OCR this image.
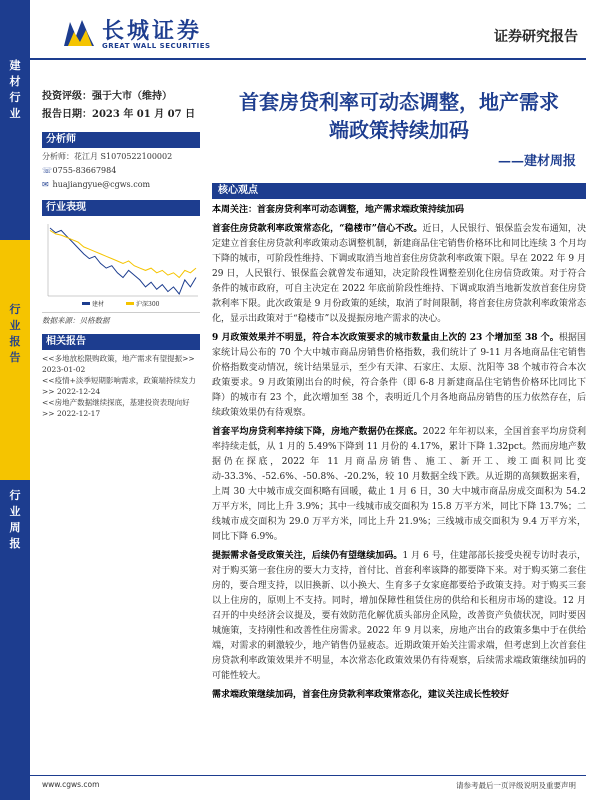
建
材
行
业
行
业
报
告
行
业
周
报
长城证券
GREAT WALL SECURITIES
证券研究报告
投资评级：强于大市（维持）
报告日期：2023 年 01 月 07 日
分析师
分析师：花江月 S1070522100002
☏ 0755-83667984
✉ huajiangyue@cgws.com
行业表现
建材	沪深300
数据来源：贝格数据
相关报告
<<多地放松限购政策，地产需求有望提振>> 2023-01-02
<<疫情+淡季短期影响需求，政策端持续发力>> 2022-12-24
<<房地产数据继续探底，基建投资表现向好>> 2022-12-17
首套房贷利率可动态调整，地产需求
端政策持续加码
——建材周报
核心观点
本周关注：首套房贷利率可动态调整，地产需求端政策持续加码
首套住房贷款利率政策常态化，“稳楼市”信心不改。近日，人民银行、银保监会发布通知，决定建立首套住房贷款利率政策动态调整机制，新建商品住宅销售价格环比和同比连续 3 个月均下降的城市，可阶段性维持、下调或取消当地首套住房贷款利率政策下限。早在 2022 年 9 月 29 日，人民银行、银保监会就曾发布通知，决定阶段性调整差别化住房信贷政策。对于符合条件的城市政府，可自主决定在 2022 年底前阶段性维持、下调或取消当地新发放首套住房贷款利率下限。此次政策是 9 月份政策的延续，取消了时间限制，将首套住房贷款利率政策常态化，显示出政策对于“稳楼市”以及提振房地产需求的决心。
9 月政策效果并不明显，符合本次政策要求的城市数量由上次的 23 个增加至 38 个。根据国家统计局公布的 70 个大中城市商品房销售价格指数，我们统计了 9-11 月各地商品住宅销售价格指数变动情况，统计结果显示，至少有天津、石家庄、太原、沈阳等 38 个城市符合本次政策要求。9 月政策刚出台的时候，符合条件（即 6-8 月新建商品住宅销售价格环比同比下降）的城市有 23 个，此次增加至 38 个，表明近几个月各地商品房销售的压力依然存在，后续政策效果仍有待观察。
首套平均房贷利率持续下降，房地产数据仍在探底。2022 年年初以来，全国首套平均房贷利率持续走低，从 1 月的 5.49%下降到 11 月份的 4.17%，累计下降 1.32pct。然而房地产数据仍在探底，2022 年 11 月商品房销售、施工、新开工、竣工面积同比变动-33.3%、-52.6%、-50.8%、-20.2%，较 10 月数据全线下跌。从近期的高频数据来看，上周 30 大中城市成交面积略有回暖，截止 1 月 6 日，30 大中城市商品房成交面积为 54.2 万平方米，同比上升 3.9%；其中一线城市成交面积为 15.8 万平方米，同比下降 13.7%；二线城市成交面积为 29.0 万平方米，同比上升 21.9%；三线城市成交面积为 9.4 万平方米，同比下降 6.9%。
提振需求备受政策关注，后续仍有望继续加码。1 月 6 号，住建部部长接受央视专访时表示，对于购买第一套住房的要大力支持，首付比、首套利率该降的都要降下来。对于购买第二套住房的，要合理支持，以旧换新、以小换大、生育多子女家庭都要给予政策支持。对于购买三套以上住房的，原则上不支持。同时，增加保障性租赁住房的供给和长租房市场的建设。12 月召开的中央经济会议提及，要有效防范化解优质头部房企风险，改善资产负债状况，同时要因城施策，支持刚性和改善性住房需求。2022 年 9 月以来，房地产出台的政策多集中于在供给端，对需求的刺激较少，地产销售仍显疲态。近期政策开始关注需求端，但考虑到上次首套住房贷款利率政策效果并不明显，本次常态化政策效果仍有待观察，后续需求端政策继续加码的可能性较大。
需求端政策继续加码，首套住房贷款利率政策常态化，建议关注成长性较好
www.cgws.com	请参考最后一页评级说明及重要声明
